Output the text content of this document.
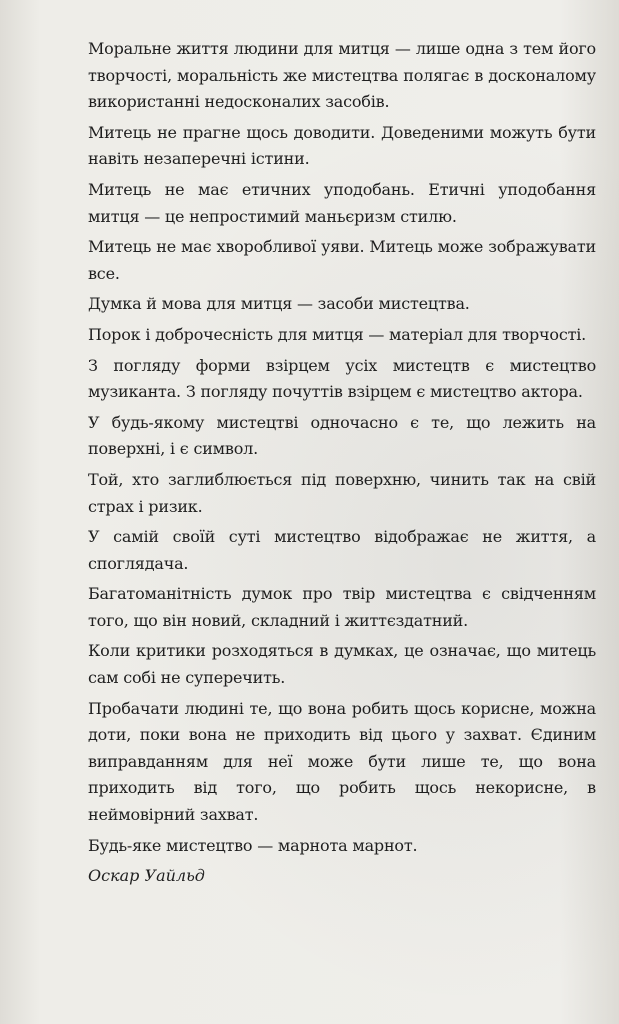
Моральне життя людини для митця — лише одна з тем його творчості, моральність же мистецтва полягає в досконалому використанні недосконалих засобів.

Митець не прагне щось доводити. Доведеними можуть бути навіть незаперечні істини.

Митець не має етичних уподобань. Етичні уподобання митця — це непростимий маньєризм стилю.

Митець не має хворобливої уяви. Митець може зображувати все.

Думка й мова для митця — засоби мистецтва.

Порок і доброчесність для митця — матеріал для творчості.

З погляду форми взірцем усіх мистецтв є мистецтво музиканта. З погляду почуттів взірцем є мистецтво актора.

У будь-якому мистецтві одночасно є те, що лежить на поверхні, і є символ.

Той, хто заглиблюється під поверхню, чинить так на свій страх і ризик.

У самій своїй суті мистецтво відображає не життя, а споглядача.

Багатоманітність думок про твір мистецтва є свідченням того, що він новий, складний і життєздатний.

Коли критики розходяться в думках, це означає, що митець сам собі не суперечить.

Пробачати людині те, що вона робить щось корисне, можна доти, поки вона не приходить від цього у захват. Єдиним виправданням для неї може бути лише те, що вона приходить від того, що робить щось некорисне, в неймовірний захват.

Будь-яке мистецтво — марнота марнот.

Оскар Уайльд
